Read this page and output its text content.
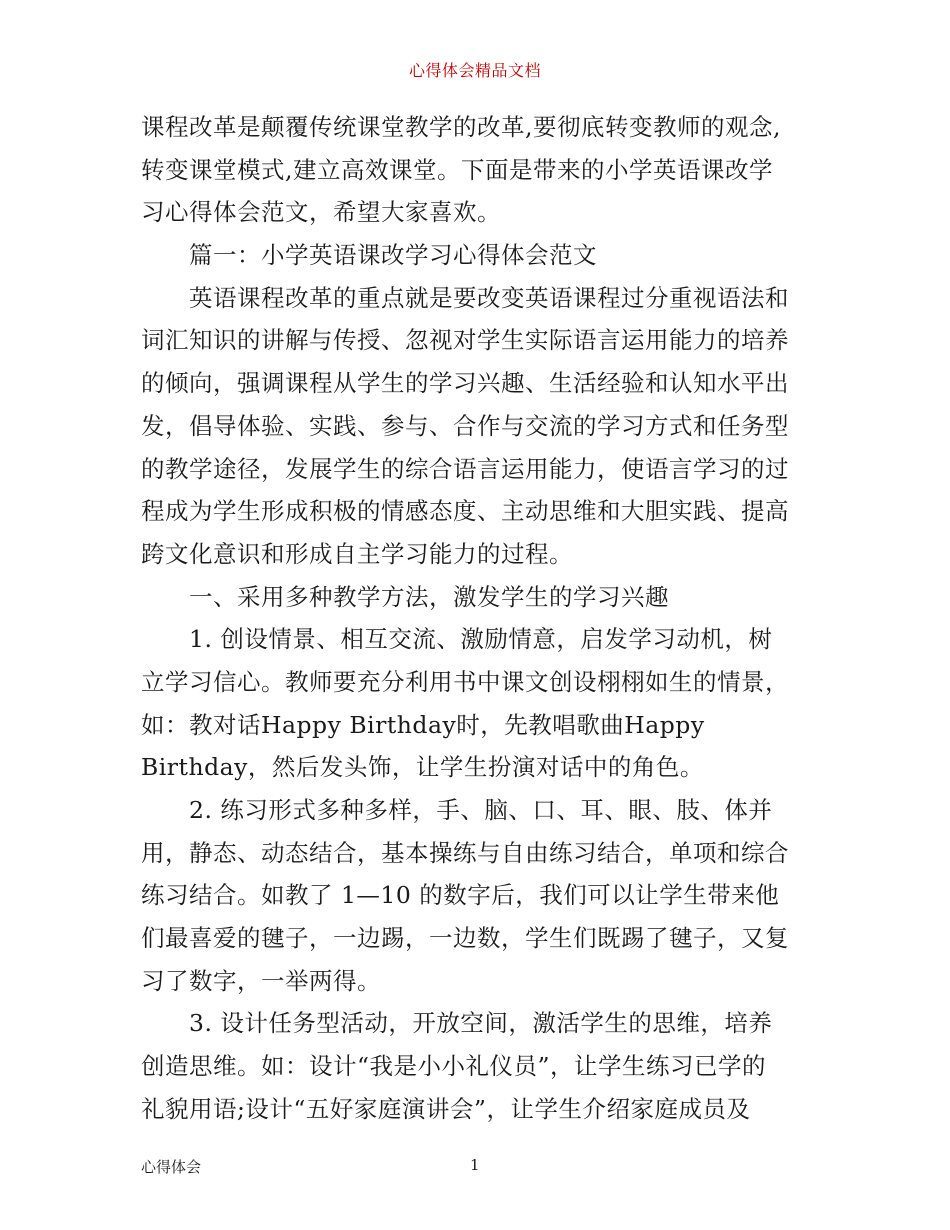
心得体会精品文档
课程改革是颠覆传统课堂教学的改革,要彻底转变教师的观念,
转变课堂模式,建立高效课堂。下面是带来的小学英语课改学
习心得体会范文，希望大家喜欢。
篇一：小学英语课改学习心得体会范文
英语课程改革的重点就是要改变英语课程过分重视语法和
词汇知识的讲解与传授、忽视对学生实际语言运用能力的培养
的倾向，强调课程从学生的学习兴趣、生活经验和认知水平出
发，倡导体验、实践、参与、合作与交流的学习方式和任务型
的教学途径，发展学生的综合语言运用能力，使语言学习的过
程成为学生形成积极的情感态度、主动思维和大胆实践、提高
跨文化意识和形成自主学习能力的过程。
一、采用多种教学方法，激发学生的学习兴趣
1. 创设情景、相互交流、激励情意，启发学习动机，树
立学习信心。教师要充分利用书中课文创设栩栩如生的情景，
如：教对话Happy Birthday时，先教唱歌曲Happy
Birthday，然后发头饰，让学生扮演对话中的角色。
2. 练习形式多种多样，手、脑、口、耳、眼、肢、体并
用，静态、动态结合，基本操练与自由练习结合，单项和综合
练习结合。如教了 1—10 的数字后，我们可以让学生带来他
们最喜爱的毽子，一边踢，一边数，学生们既踢了毽子，又复
习了数字，一举两得。
3. 设计任务型活动，开放空间，激活学生的思维，培养
创造思维。如：设计“我是小小礼仪员”，让学生练习已学的
礼貌用语;设计“五好家庭演讲会”，让学生介绍家庭成员及
心得体会	1
